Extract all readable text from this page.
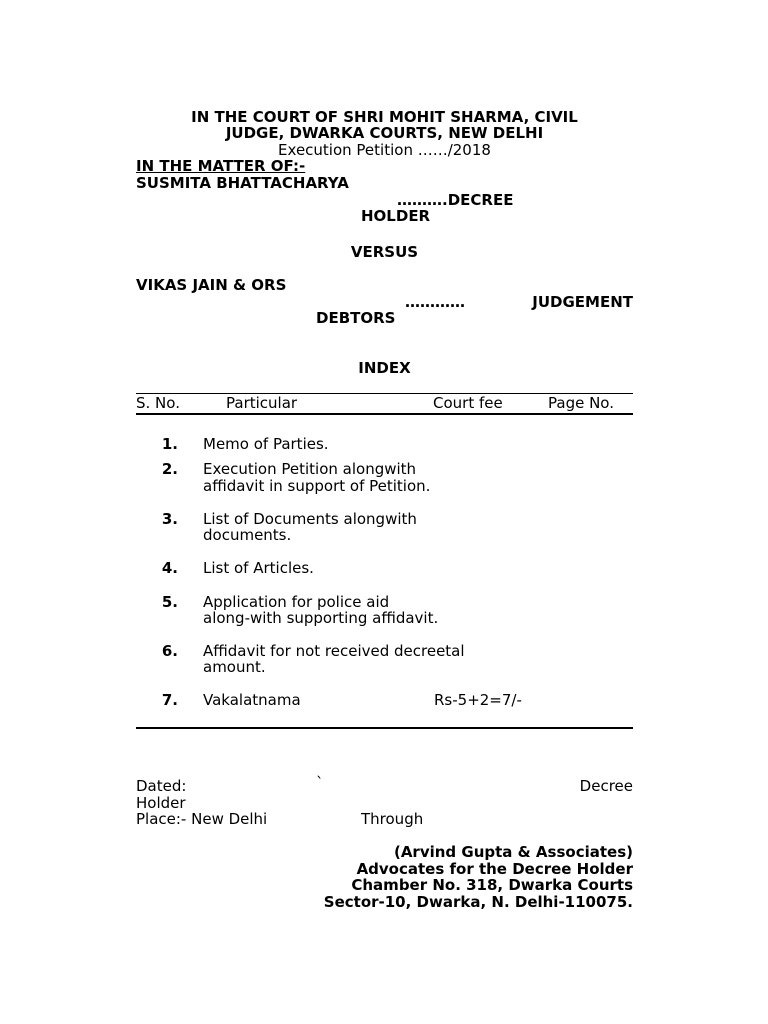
IN THE COURT OF SHRI MOHIT SHARMA, CIVIL
JUDGE, DWARKA COURTS, NEW DELHI
Execution Petition ……/2018
IN THE MATTER OF:-
SUSMITA BHATTACHARYA
……….DECREE
HOLDER
VERSUS
VIKAS JAIN & ORS
…………	JUDGEMENT
DEBTORS
INDEX
S. No.	Particular	Court fee	Page No.
1. Memo of Parties.
2. Execution Petition alongwith
affidavit in support of Petition.
3. List of Documents alongwith
documents.
4. List of Articles.
5. Application for police aid
along-with supporting affidavit.
6. Affidavit for not received decreetal
amount.
7. Vakalatnama	Rs-5+2=7/-
Dated:	`	Decree
Holder
Place:- New Delhi	Through
(Arvind Gupta & Associates)
Advocates for the Decree Holder
Chamber No. 318, Dwarka Courts
Sector-10, Dwarka, N. Delhi-110075.
